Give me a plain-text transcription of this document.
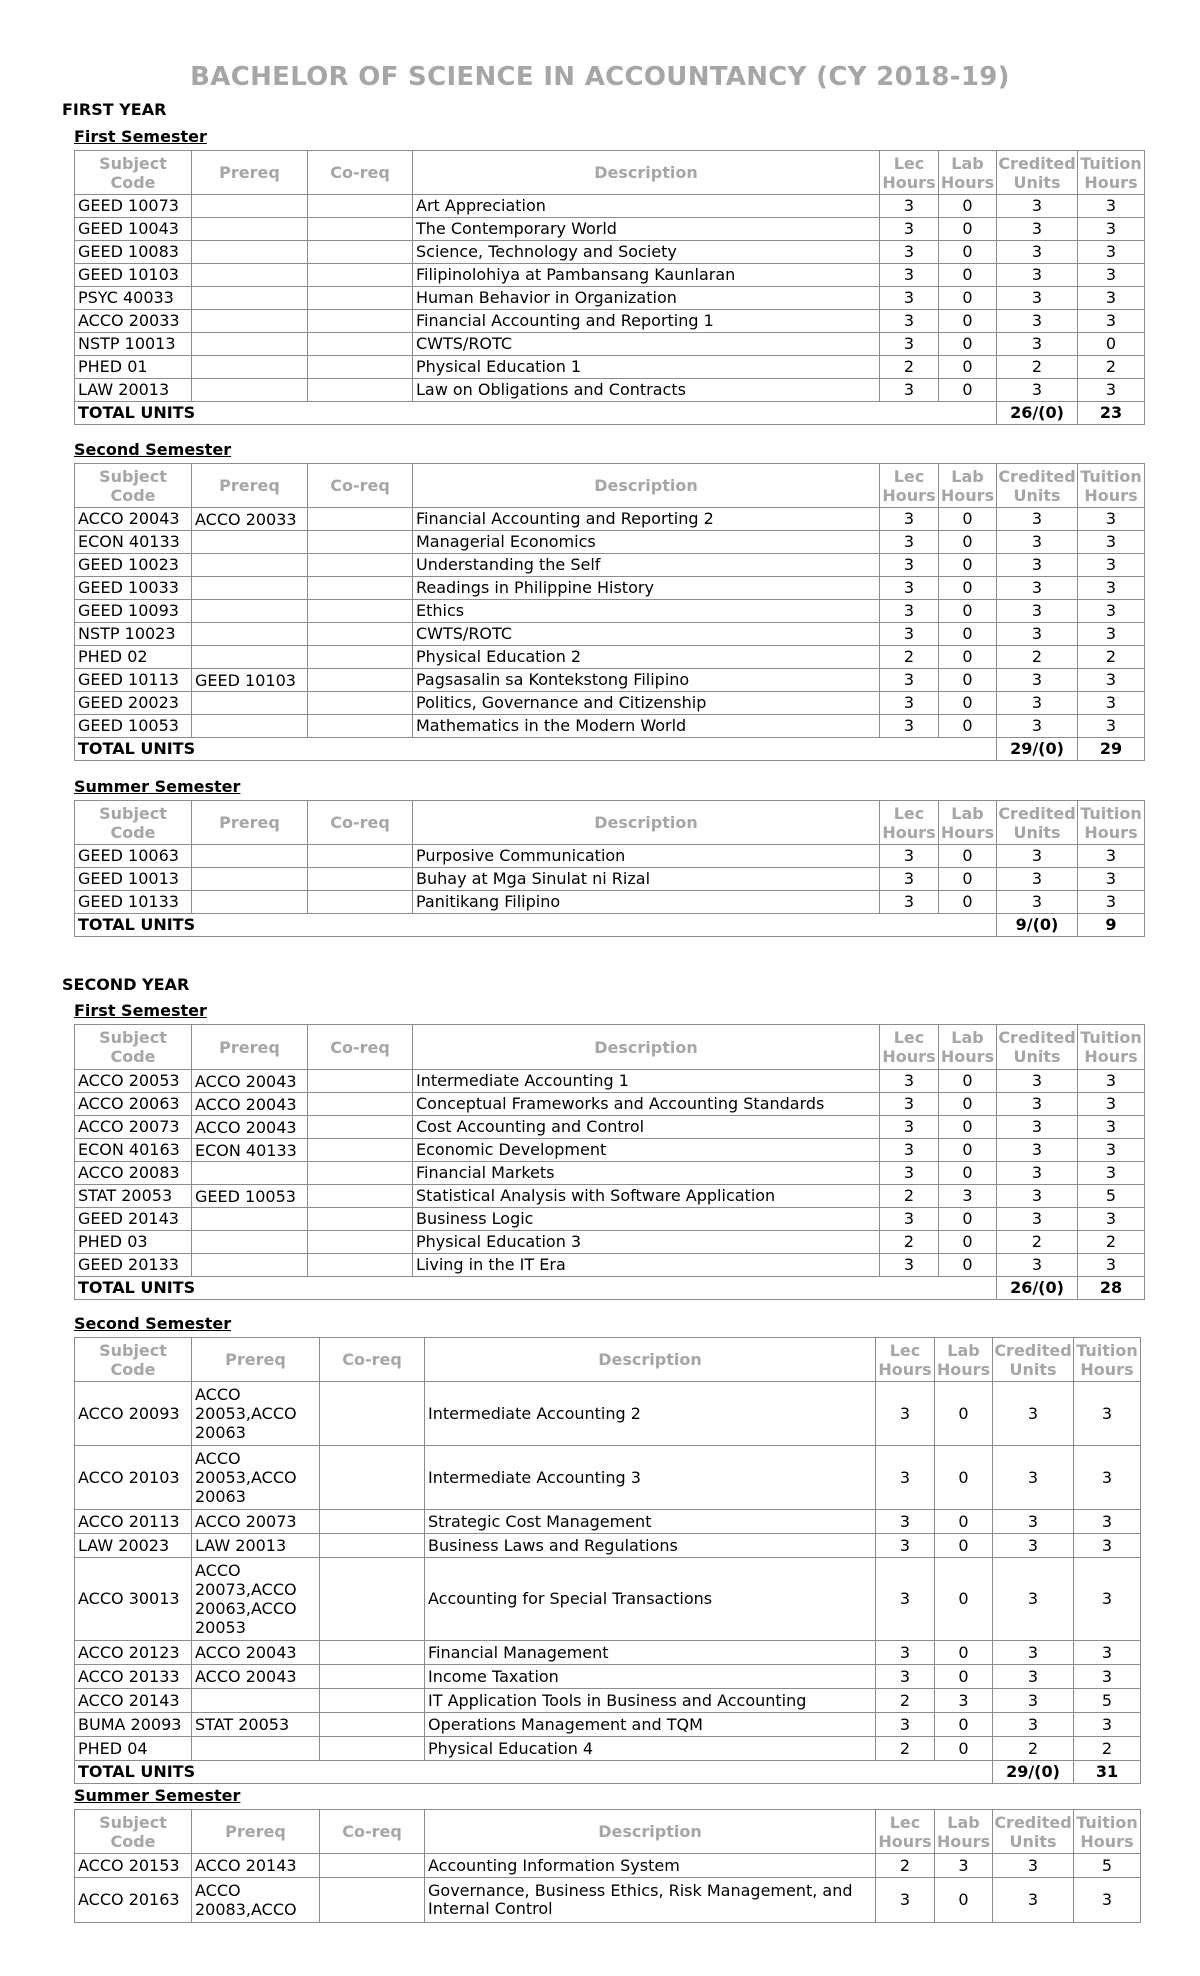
BACHELOR OF SCIENCE IN ACCOUNTANCY (CY 2018-19)
FIRST YEAR
First Semester
Subject Code	Prereq	Co-req	Description	Lec Hours	Lab Hours	Credited Units	Tuition Hours
GEED 10073			Art Appreciation	3	0	3	3
GEED 10043			The Contemporary World	3	0	3	3
GEED 10083			Science, Technology and Society	3	0	3	3
GEED 10103			Filipinolohiya at Pambansang Kaunlaran	3	0	3	3
PSYC 40033			Human Behavior in Organization	3	0	3	3
ACCO 20033			Financial Accounting and Reporting 1	3	0	3	3
NSTP 10013			CWTS/ROTC	3	0	3	0
PHED 01			Physical Education 1	2	0	2	2
LAW 20013			Law on Obligations and Contracts	3	0	3	3
TOTAL UNITS						26/(0)	23
Second Semester
Subject Code	Prereq	Co-req	Description	Lec Hours	Lab Hours	Credited Units	Tuition Hours
ACCO 20043	ACCO 20033		Financial Accounting and Reporting 2	3	0	3	3
ECON 40133			Managerial Economics	3	0	3	3
GEED 10023			Understanding the Self	3	0	3	3
GEED 10033			Readings in Philippine History	3	0	3	3
GEED 10093			Ethics	3	0	3	3
NSTP 10023			CWTS/ROTC	3	0	3	3
PHED 02			Physical Education 2	2	0	2	2
GEED 10113	GEED 10103		Pagsasalin sa Kontekstong Filipino	3	0	3	3
GEED 20023			Politics, Governance and Citizenship	3	0	3	3
GEED 10053			Mathematics in the Modern World	3	0	3	3
TOTAL UNITS						29/(0)	29
Summer Semester
Subject Code	Prereq	Co-req	Description	Lec Hours	Lab Hours	Credited Units	Tuition Hours
GEED 10063			Purposive Communication	3	0	3	3
GEED 10013			Buhay at Mga Sinulat ni Rizal	3	0	3	3
GEED 10133			Panitikang Filipino	3	0	3	3
TOTAL UNITS						9/(0)	9
SECOND YEAR
First Semester
Subject Code	Prereq	Co-req	Description	Lec Hours	Lab Hours	Credited Units	Tuition Hours
ACCO 20053	ACCO 20043		Intermediate Accounting 1	3	0	3	3
ACCO 20063	ACCO 20043		Conceptual Frameworks and Accounting Standards	3	0	3	3
ACCO 20073	ACCO 20043		Cost Accounting and Control	3	0	3	3
ECON 40163	ECON 40133		Economic Development	3	0	3	3
ACCO 20083			Financial Markets	3	0	3	3
STAT 20053	GEED 10053		Statistical Analysis with Software Application	2	3	3	5
GEED 20143			Business Logic	3	0	3	3
PHED 03			Physical Education 3	2	0	2	2
GEED 20133			Living in the IT Era	3	0	3	3
TOTAL UNITS						26/(0)	28
Second Semester
Subject Code	Prereq	Co-req	Description	Lec Hours	Lab Hours	Credited Units	Tuition Hours
ACCO 20093	ACCO 20053,ACCO 20063		Intermediate Accounting 2	3	0	3	3
ACCO 20103	ACCO 20053,ACCO 20063		Intermediate Accounting 3	3	0	3	3
ACCO 20113	ACCO 20073		Strategic Cost Management	3	0	3	3
LAW 20023	LAW 20013		Business Laws and Regulations	3	0	3	3
ACCO 30013	ACCO 20073,ACCO 20063,ACCO 20053		Accounting for Special Transactions	3	0	3	3
ACCO 20123	ACCO 20043		Financial Management	3	0	3	3
ACCO 20133	ACCO 20043		Income Taxation	3	0	3	3
ACCO 20143			IT Application Tools in Business and Accounting	2	3	3	5
BUMA 20093	STAT 20053		Operations Management and TQM	3	0	3	3
PHED 04			Physical Education 4	2	0	2	2
TOTAL UNITS						29/(0)	31
Summer Semester
Subject Code	Prereq	Co-req	Description	Lec Hours	Lab Hours	Credited Units	Tuition Hours
ACCO 20153	ACCO 20143		Accounting Information System	2	3	3	5
ACCO 20163	ACCO 20083,ACCO		Governance, Business Ethics, Risk Management, and Internal Control	3	0	3	3
